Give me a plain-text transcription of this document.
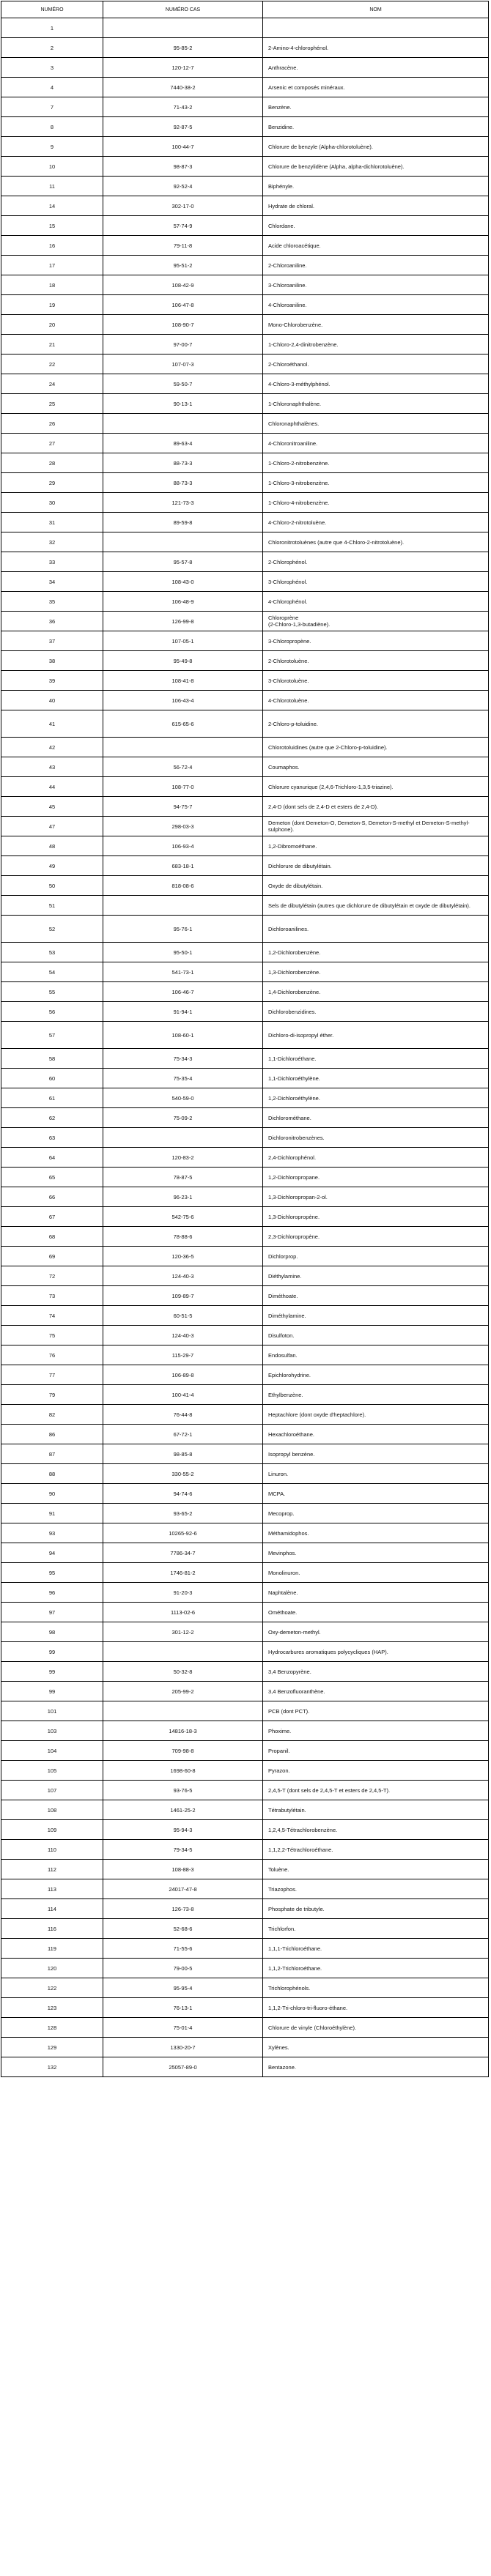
NUMÉRO	NUMÉRO CAS	NOM
1		
2	95-85-2	2-Amino-4-chlorophénol.
3	120-12-7	Anthracène.
4	7440-38-2	Arsenic et composés minéraux.
7	71-43-2	Benzène.
8	92-87-5	Benzidine.
9	100-44-7	Chlorure de benzyle (Alpha-chlorotoluène).
10	98-87-3	Chlorure de benzylidène (Alpha, alpha-dichlorotoluène).
11	92-52-4	Biphényle.
14	302-17-0	Hydrate de chloral.
15	57-74-9	Chlordane.
16	79-11-8	Acide chloroacétique.
17	95-51-2	2-Chloroaniline.
18	108-42-9	3-Chloroaniline.
19	106-47-8	4-Chloroaniline.
20	108-90-7	Mono-Chlorobenzène.
21	97-00-7	1-Chloro-2,4-dinitrobenzène.
22	107-07-3	2-Chloroéthanol.
24	59-50-7	4-Chloro-3-méthylphénol.
25	90-13-1	1-Chloronaphthalène.
26		Chloronaphthalènes.
27	89-63-4	4-Chloronitroaniline.
28	88-73-3	1-Chloro-2-nitrobenzène.
29	88-73-3	1-Chloro-3-nitrobenzène.
30	121-73-3	1-Chloro-4-nitrobenzène.
31	89-59-8	4-Chloro-2-nitrotoluène.
32		Chloronitrotoluènes (autre que 4-Chloro-2-nitrotoluène).
33	95-57-8	2-Chlorophénol.
34	108-43-0	3-Chlorophénol.
35	106-48-9	4-Chlorophénol.
36	126-99-8	Chloroprène
(2-Chloro-1,3-butadiène).
37	107-05-1	3-Chloropropène.
38	95-49-8	2-Chlorotoluène.
39	108-41-8	3-Chlorotoluène.
40	106-43-4	4-Chlorotoluène.
41	615-65-6	2-Chloro-p-toluidine.
42		Chlorotoluidines (autre que 2-Chloro-p-toluidine).
43	56-72-4	Coumaphos.
44	108-77-0	Chlorure cyanurique (2,4,6-Trichloro-1,3,5-triazine).
45	94-75-7	2,4-D (dont sels de 2,4-D et esters de 2,4-D).
47	298-03-3	Demeton (dont Demeton-O, Demeton-S, Demeton-S-methyl et Demeton-S-methyl-sulphone).
48	106-93-4	1,2-Dibromoéthane.
49	683-18-1	Dichlorure de dibutylétain.
50	818-08-6	Oxyde de dibutylétain.
51		Sels de dibutylétain (autres que dichlorure de dibutylétain et oxyde de dibutylétain).
52	95-76-1	Dichloroanilines.
53	95-50-1	1,2-Dichlorobenzène.
54	541-73-1	1,3-Dichlorobenzène.
55	106-46-7	1,4-Dichlorobenzène.
56	91-94-1	Dichlorobenzidines.
57	108-60-1	Dichloro-di-isopropyl éther.
58	75-34-3	1,1-Dichloroéthane.
60	75-35-4	1,1-Dichloroéthylène.
61	540-59-0	1,2-Dichloroéthylène.
62	75-09-2	Dichlorométhane.
63		Dichloronitrobenzènes.
64	120-83-2	2,4-Dichlorophénol.
65	78-87-5	1,2-Dichloropropane.
66	96-23-1	1,3-Dichloropropan-2-ol.
67	542-75-6	1,3-Dichloropropène.
68	78-88-6	2,3-Dichloropropène.
69	120-36-5	Dichlorprop.
72	124-40-3	Diéthylamine.
73	109-89-7	Diméthoate.
74	60-51-5	Diméthylamine.
75	124-40-3	Disulfoton.
76	115-29-7	Endosulfan.
77	106-89-8	Epichlorohydrine.
79	100-41-4	Ethylbenzène.
82	76-44-8	Heptachlore (dont oxyde d'heptachlore).
86	67-72-1	Hexachloroéthane.
87	98-85-8	Isopropyl benzène.
88	330-55-2	Linuron.
90	94-74-6	MCPA.
91	93-65-2	Mecoprop.
93	10265-92-6	Méthamidophos.
94	7786-34-7	Mevinphos.
95	1746-81-2	Monolinuron.
96	91-20-3	Naphtalène.
97	1113-02-6	Ométhoate.
98	301-12-2	Oxy-demeton-methyl.
99		Hydrocarbures aromatiques polycycliques (HAP).
99	50-32-8	3,4 Benzopyrène.
99	205-99-2	3,4 Benzofluoranthène.
101		PCB (dont PCT).
103	14816-18-3	Phoxime.
104	709-98-8	Propanil.
105	1698-60-8	Pyrazon.
107	93-76-5	2,4,5-T (dont sels de 2,4,5-T et esters de 2,4,5-T).
108	1461-25-2	Tétrabutylétain.
109	95-94-3	1,2,4,5-Tétrachlorobenzène.
110	79-34-5	1,1,2,2-Tétrachloroéthane.
112	108-88-3	Toluène.
113	24017-47-8	Triazophos.
114	126-73-8	Phosphate de tributyle.
116	52-68-6	Trichlorfon.
119	71-55-6	1,1,1-Trichloroéthane.
120	79-00-5	1,1,2-Trichloroéthane.
122	95-95-4	Trichlorophénols.
123	76-13-1	1,1,2-Tri-chloro-tri-fluoro-éthane.
128	75-01-4	Chlorure de vinyle (Chloroéthylène).
129	1330-20-7	Xylènes.
132	25057-89-0	Bentazone.
